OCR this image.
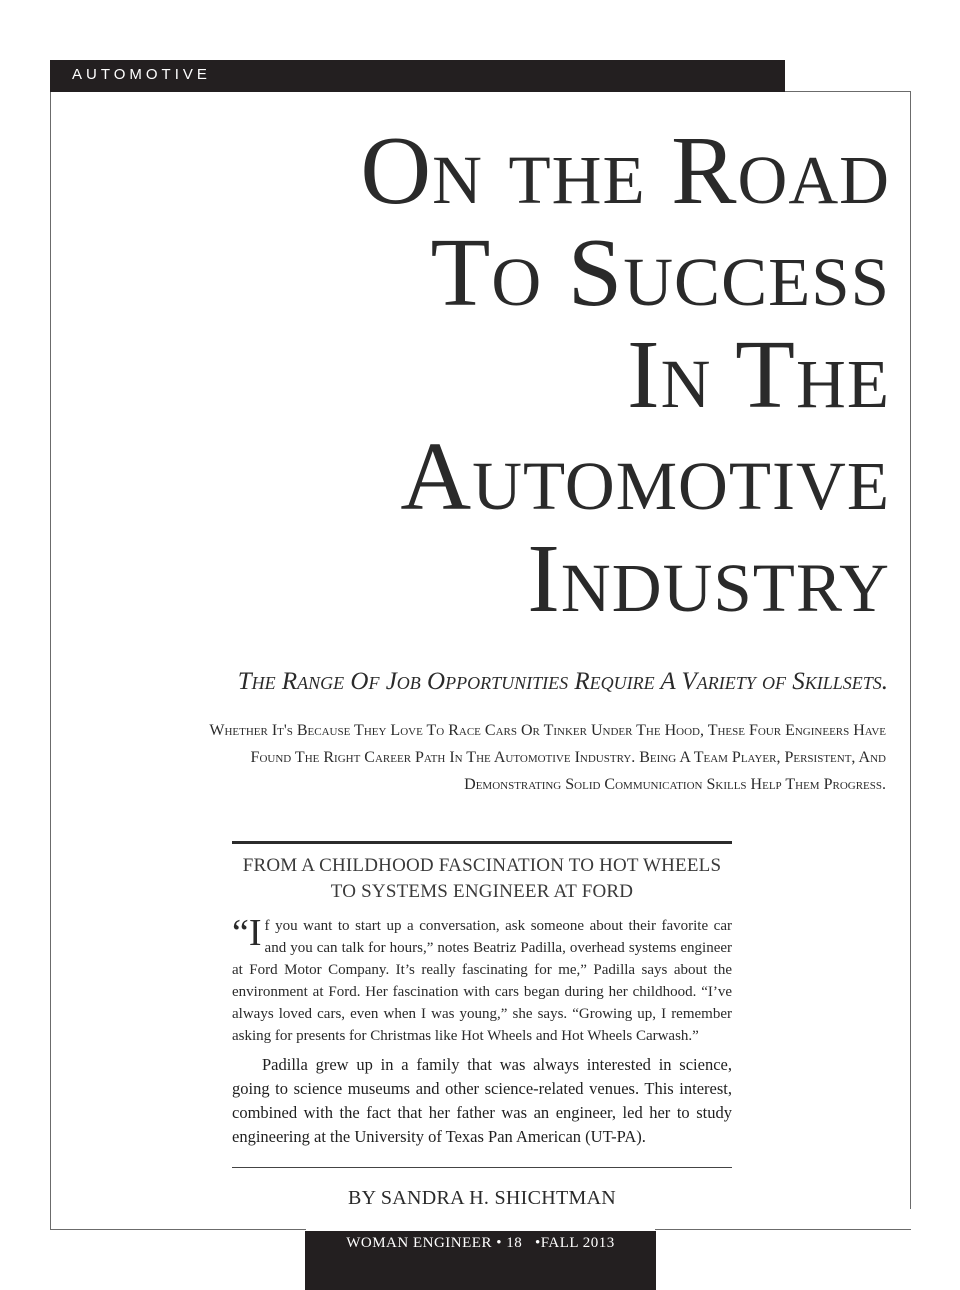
AUTOMOTIVE
On the Road
To Success
In The
Automotive
Industry

The Range Of Job Opportunities Require A Variety of Skillsets.

Whether It's Because They Love To Race Cars Or Tinker Under The Hood, These Four Engineers Have
Found The Right Career Path In The Automotive Industry. Being A Team Player, Persistent, And
Demonstrating Solid Communication Skills Help Them Progress.
FROM A CHILDHOOD FASCINATION TO HOT WHEELS
TO SYSTEMS ENGINEER AT FORD

“If you want to start up a conversation, ask someone about their favorite car and you can talk for hours,” notes Beatriz Padilla, overhead systems engineer at Ford Motor Company. It’s really fascinating for me,” Padilla says about the environment at Ford. Her fascination with cars began during her childhood. “I’ve always loved cars, even when I was young,” she says. “Growing up, I remember asking for presents for Christmas like Hot Wheels and Hot Wheels Carwash.”

Padilla grew up in a family that was always interested in science, going to science museums and other science-related venues. This interest, combined with the fact that her father was an engineer, led her to study engineering at the University of Texas Pan American (UT-PA).

BY SANDRA H. SHICHTMAN

WOMAN ENGINEER • 18   •FALL 2013
